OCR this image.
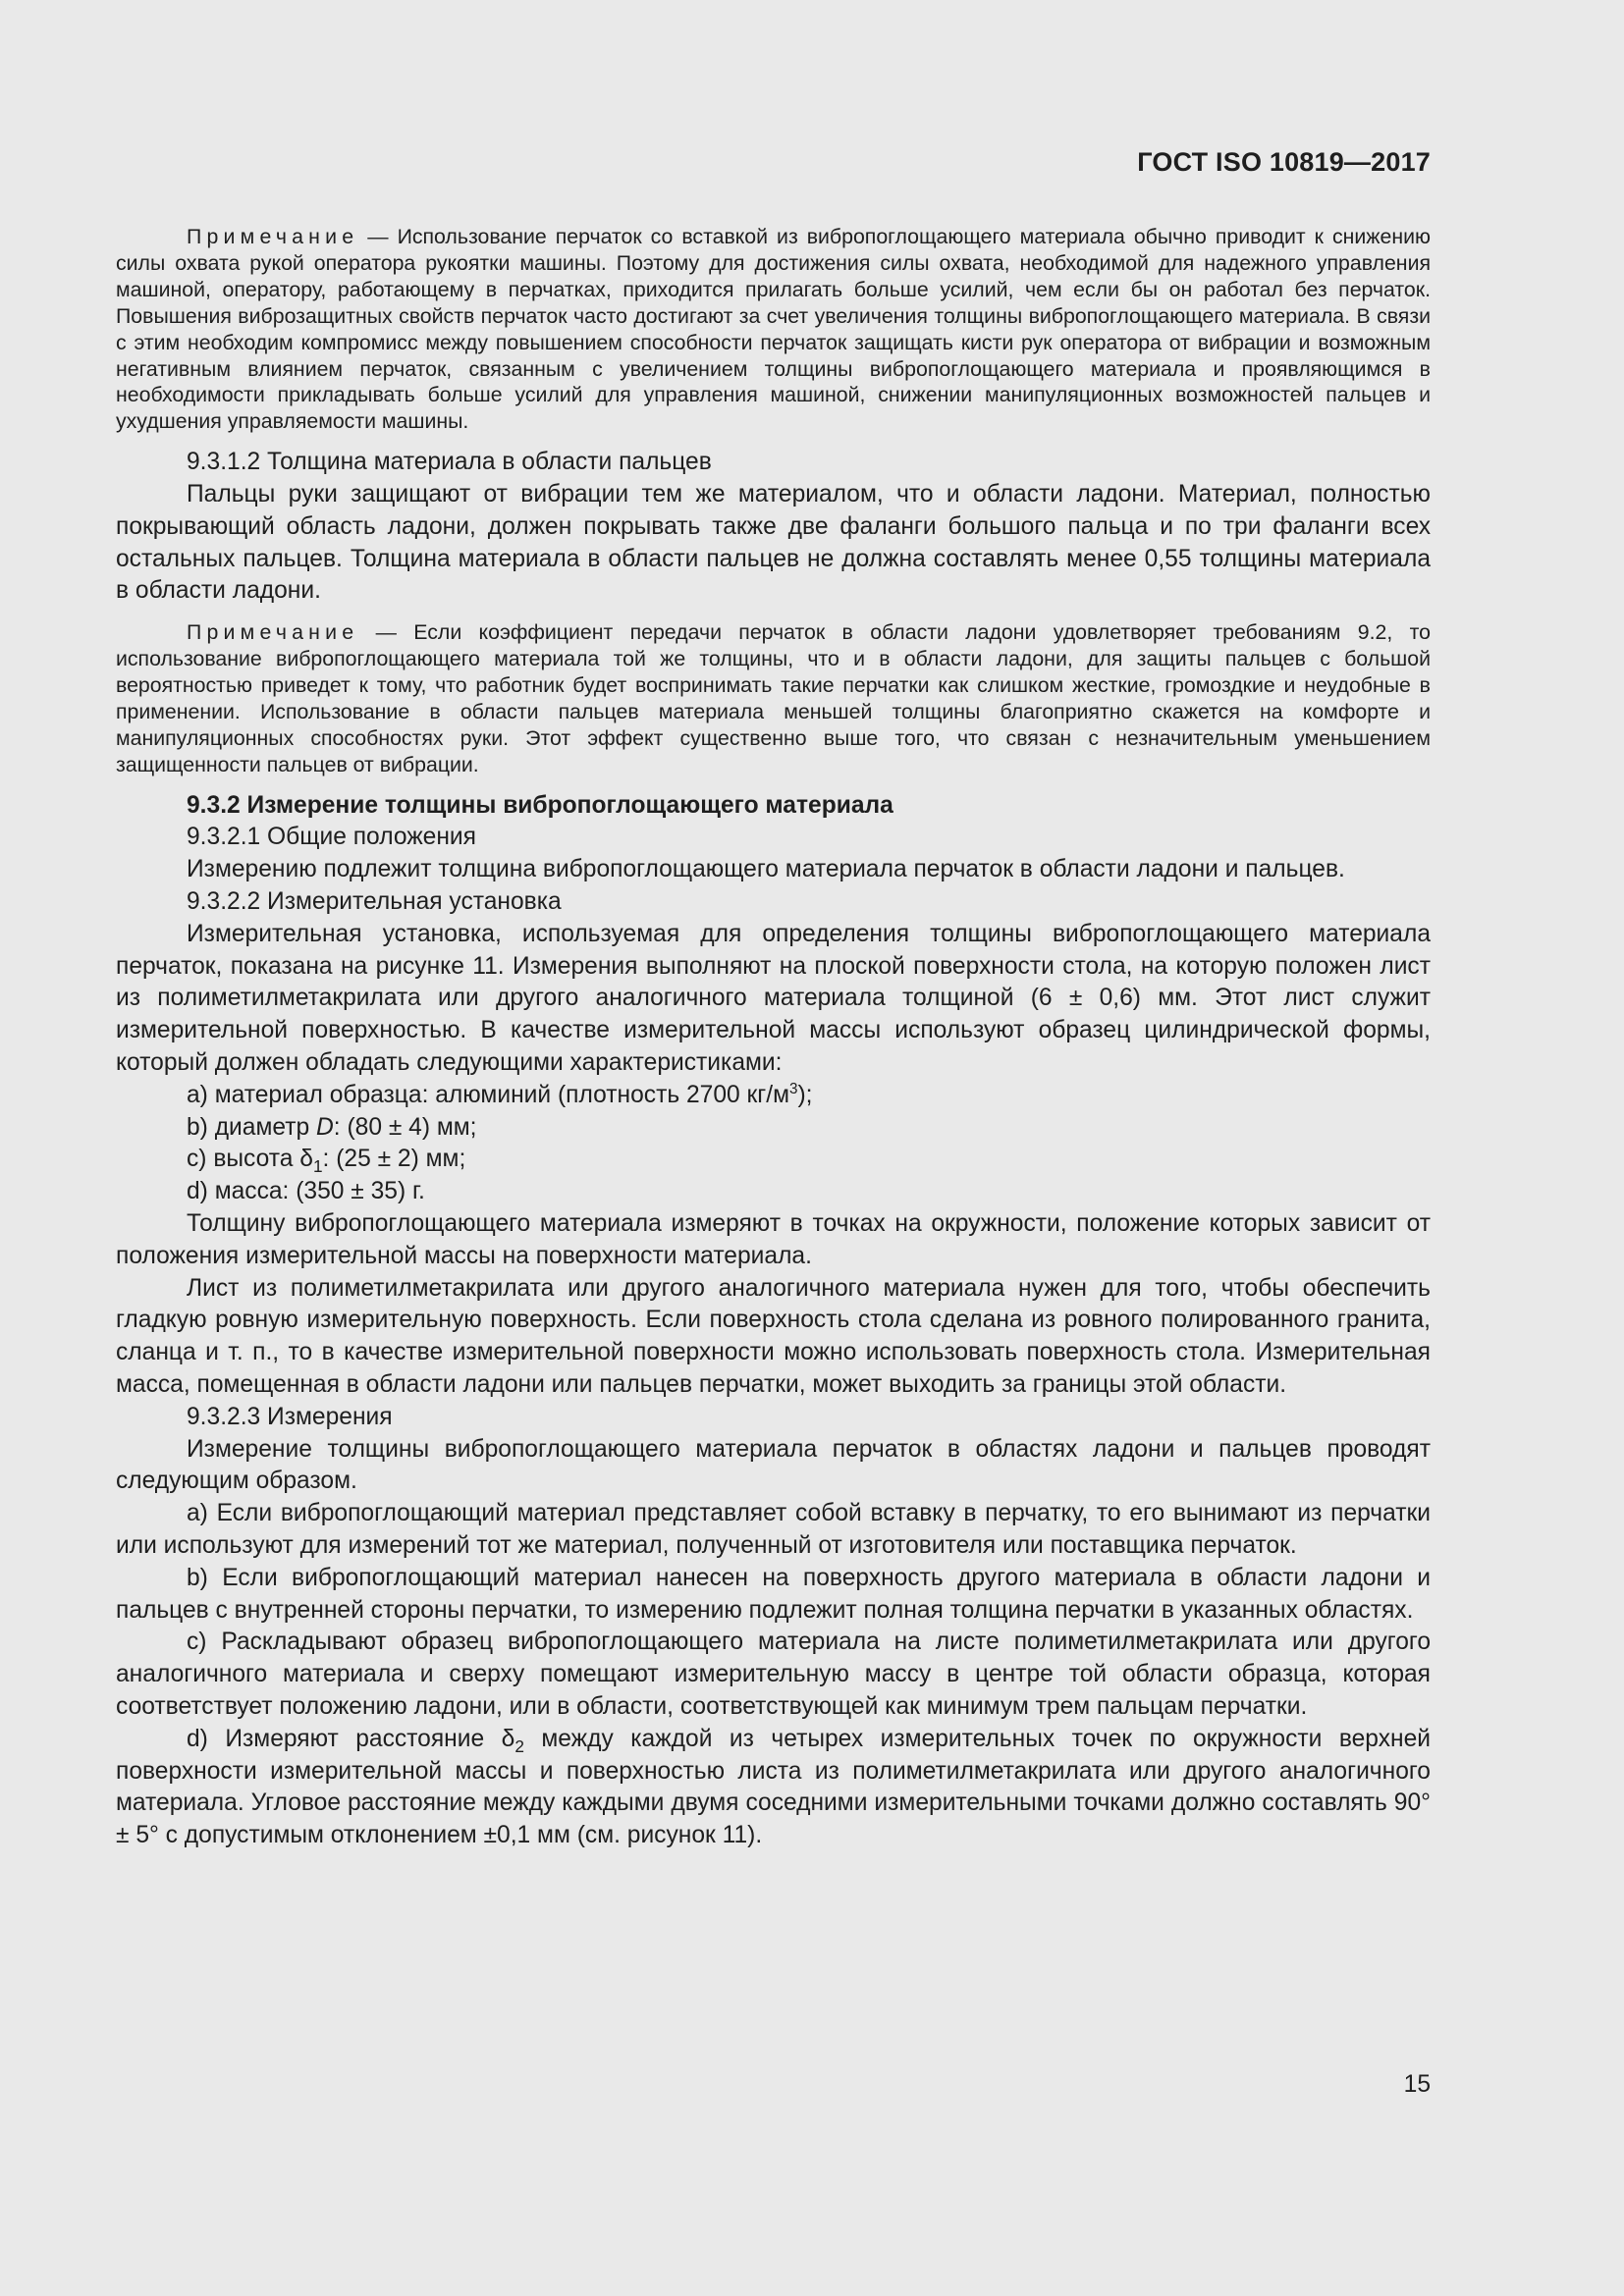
ГОСТ ISO 10819—2017

Примечание — Использование перчаток со вставкой из вибропоглощающего материала обычно приводит к снижению силы охвата рукой оператора рукоятки машины. Поэтому для достижения силы охвата, необходимой для надежного управления машиной, оператору, работающему в перчатках, приходится прилагать больше усилий, чем если бы он работал без перчаток. Повышения виброзащитных свойств перчаток часто достигают за счет увеличения толщины вибропоглощающего материала. В связи с этим необходим компромисс между повышением способности перчаток защищать кисти рук оператора от вибрации и возможным негативным влиянием перчаток, связанным с увеличением толщины вибропоглощающего материала и проявляющимся в необходимости прикладывать больше усилий для управления машиной, снижении манипуляционных возможностей пальцев и ухудшения управляемости машины.

9.3.1.2 Толщина материала в области пальцев

Пальцы руки защищают от вибрации тем же материалом, что и области ладони. Материал, полностью покрывающий область ладони, должен покрывать также две фаланги большого пальца и по три фаланги всех остальных пальцев. Толщина материала в области пальцев не должна составлять менее 0,55 толщины материала в области ладони.

Примечание — Если коэффициент передачи перчаток в области ладони удовлетворяет требованиям 9.2, то использование вибропоглощающего материала той же толщины, что и в области ладони, для защиты пальцев с большой вероятностью приведет к тому, что работник будет воспринимать такие перчатки как слишком жесткие, громоздкие и неудобные в применении. Использование в области пальцев материала меньшей толщины благоприятно скажется на комфорте и манипуляционных способностях руки. Этот эффект существенно выше того, что связан с незначительным уменьшением защищенности пальцев от вибрации.

9.3.2 Измерение толщины вибропоглощающего материала

9.3.2.1 Общие положения

Измерению подлежит толщина вибропоглощающего материала перчаток в области ладони и пальцев.

9.3.2.2 Измерительная установка

Измерительная установка, используемая для определения толщины вибропоглощающего материала перчаток, показана на рисунке 11. Измерения выполняют на плоской поверхности стола, на которую положен лист из полиметилметакрилата или другого аналогичного материала толщиной (6 ± 0,6) мм. Этот лист служит измерительной поверхностью. В качестве измерительной массы используют образец цилиндрической формы, который должен обладать следующими характеристиками:

а) материал образца: алюминий (плотность 2700 $кг/м^3$);
b) диаметр D: (80 ± 4) мм;
c) высота $\delta_1$: (25 ± 2) мм;
d) масса: (350 ± 35) г.

Толщину вибропоглощающего материала измеряют в точках на окружности, положение которых зависит от положения измерительной массы на поверхности материала.

Лист из полиметилметакрилата или другого аналогичного материала нужен для того, чтобы обеспечить гладкую ровную измерительную поверхность. Если поверхность стола сделана из ровного полированного гранита, сланца и т. п., то в качестве измерительной поверхности можно использовать поверхность стола. Измерительная масса, помещенная в области ладони или пальцев перчатки, может выходить за границы этой области.

9.3.2.3 Измерения

Измерение толщины вибропоглощающего материала перчаток в областях ладони и пальцев проводят следующим образом.

а) Если вибропоглощающий материал представляет собой вставку в перчатку, то его вынимают из перчатки или используют для измерений тот же материал, полученный от изготовителя или поставщика перчаток.

b) Если вибропоглощающий материал нанесен на поверхность другого материала в области ладони и пальцев с внутренней стороны перчатки, то измерению подлежит полная толщина перчатки в указанных областях.

c) Раскладывают образец вибропоглощающего материала на листе полиметилметакрилата или другого аналогичного материала и сверху помещают измерительную массу в центре той области образца, которая соответствует положению ладони, или в области, соответствующей как минимум трем пальцам перчатки.

d) Измеряют расстояние $\delta_2$ между каждой из четырех измерительных точек по окружности верхней поверхности измерительной массы и поверхностью листа из полиметилметакрилата или другого аналогичного материала. Угловое расстояние между каждыми двумя соседними измерительными точками должно составлять 90° ± 5° с допустимым отклонением ±0,1 мм (см. рисунок 11).

15
